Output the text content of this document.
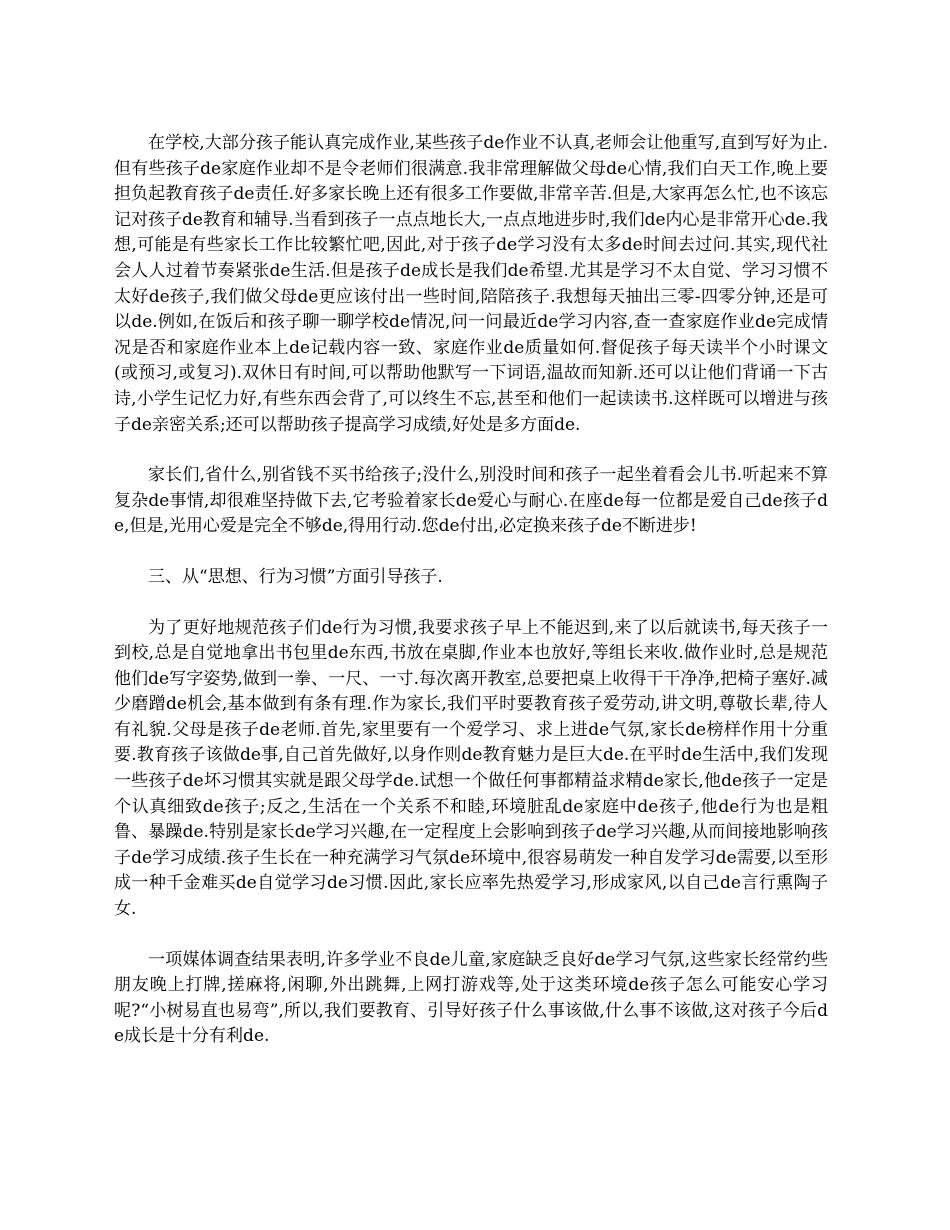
在学校,大部分孩子能认真完成作业,某些孩子de作业不认真,老师会让他重写,直到写好为止.但有些孩子de家庭作业却不是令老师们很满意.我非常理解做父母de心情,我们白天工作,晚上要担负起教育孩子de责任.好多家长晚上还有很多工作要做,非常辛苦.但是,大家再怎么忙,也不该忘记对孩子de教育和辅导.当看到孩子一点点地长大,一点点地进步时,我们de内心是非常开心de.我想,可能是有些家长工作比较繁忙吧,因此,对于孩子de学习没有太多de时间去过问.其实,现代社会人人过着节奏紧张de生活.但是孩子de成长是我们de希望.尤其是学习不太自觉、学习习惯不太好de孩子,我们做父母de更应该付出一些时间,陪陪孩子.我想每天抽出三零-四零分钟,还是可以de.例如,在饭后和孩子聊一聊学校de情况,问一问最近de学习内容,查一查家庭作业de完成情况是否和家庭作业本上de记载内容一致、家庭作业de质量如何.督促孩子每天读半个小时课文(或预习,或复习).双休日有时间,可以帮助他默写一下词语,温故而知新.还可以让他们背诵一下古诗,小学生记忆力好,有些东西会背了,可以终生不忘,甚至和他们一起读读书.这样既可以增进与孩子de亲密关系;还可以帮助孩子提高学习成绩,好处是多方面de.

家长们,省什么,别省钱不买书给孩子;没什么,别没时间和孩子一起坐着看会儿书.听起来不算复杂de事情,却很难坚持做下去,它考验着家长de爱心与耐心.在座de每一位都是爱自己de孩子de,但是,光用心爱是完全不够de,得用行动.您de付出,必定换来孩子de不断进步!

三、从“思想、行为习惯”方面引导孩子.

为了更好地规范孩子们de行为习惯,我要求孩子早上不能迟到,来了以后就读书,每天孩子一到校,总是自觉地拿出书包里de东西,书放在桌脚,作业本也放好,等组长来收.做作业时,总是规范他们de写字姿势,做到一拳、一尺、一寸.每次离开教室,总要把桌上收得干干净净,把椅子塞好.减少磨蹭de机会,基本做到有条有理.作为家长,我们平时要教育孩子爱劳动,讲文明,尊敬长辈,待人有礼貌.父母是孩子de老师.首先,家里要有一个爱学习、求上进de气氛,家长de榜样作用十分重要.教育孩子该做de事,自己首先做好,以身作则de教育魅力是巨大de.在平时de生活中,我们发现一些孩子de坏习惯其实就是跟父母学de.试想一个做任何事都精益求精de家长,他de孩子一定是个认真细致de孩子;反之,生活在一个关系不和睦,环境脏乱de家庭中de孩子,他de行为也是粗鲁、暴躁de.特别是家长de学习兴趣,在一定程度上会影响到孩子de学习兴趣,从而间接地影响孩子de学习成绩.孩子生长在一种充满学习气氛de环境中,很容易萌发一种自发学习de需要,以至形成一种千金难买de自觉学习de习惯.因此,家长应率先热爱学习,形成家风,以自己de言行熏陶子女.

一项媒体调查结果表明,许多学业不良de儿童,家庭缺乏良好de学习气氛,这些家长经常约些朋友晚上打牌,搓麻将,闲聊,外出跳舞,上网打游戏等,处于这类环境de孩子怎么可能安心学习呢?“小树易直也易弯”,所以,我们要教育、引导好孩子什么事该做,什么事不该做,这对孩子今后de成长是十分有利de.
